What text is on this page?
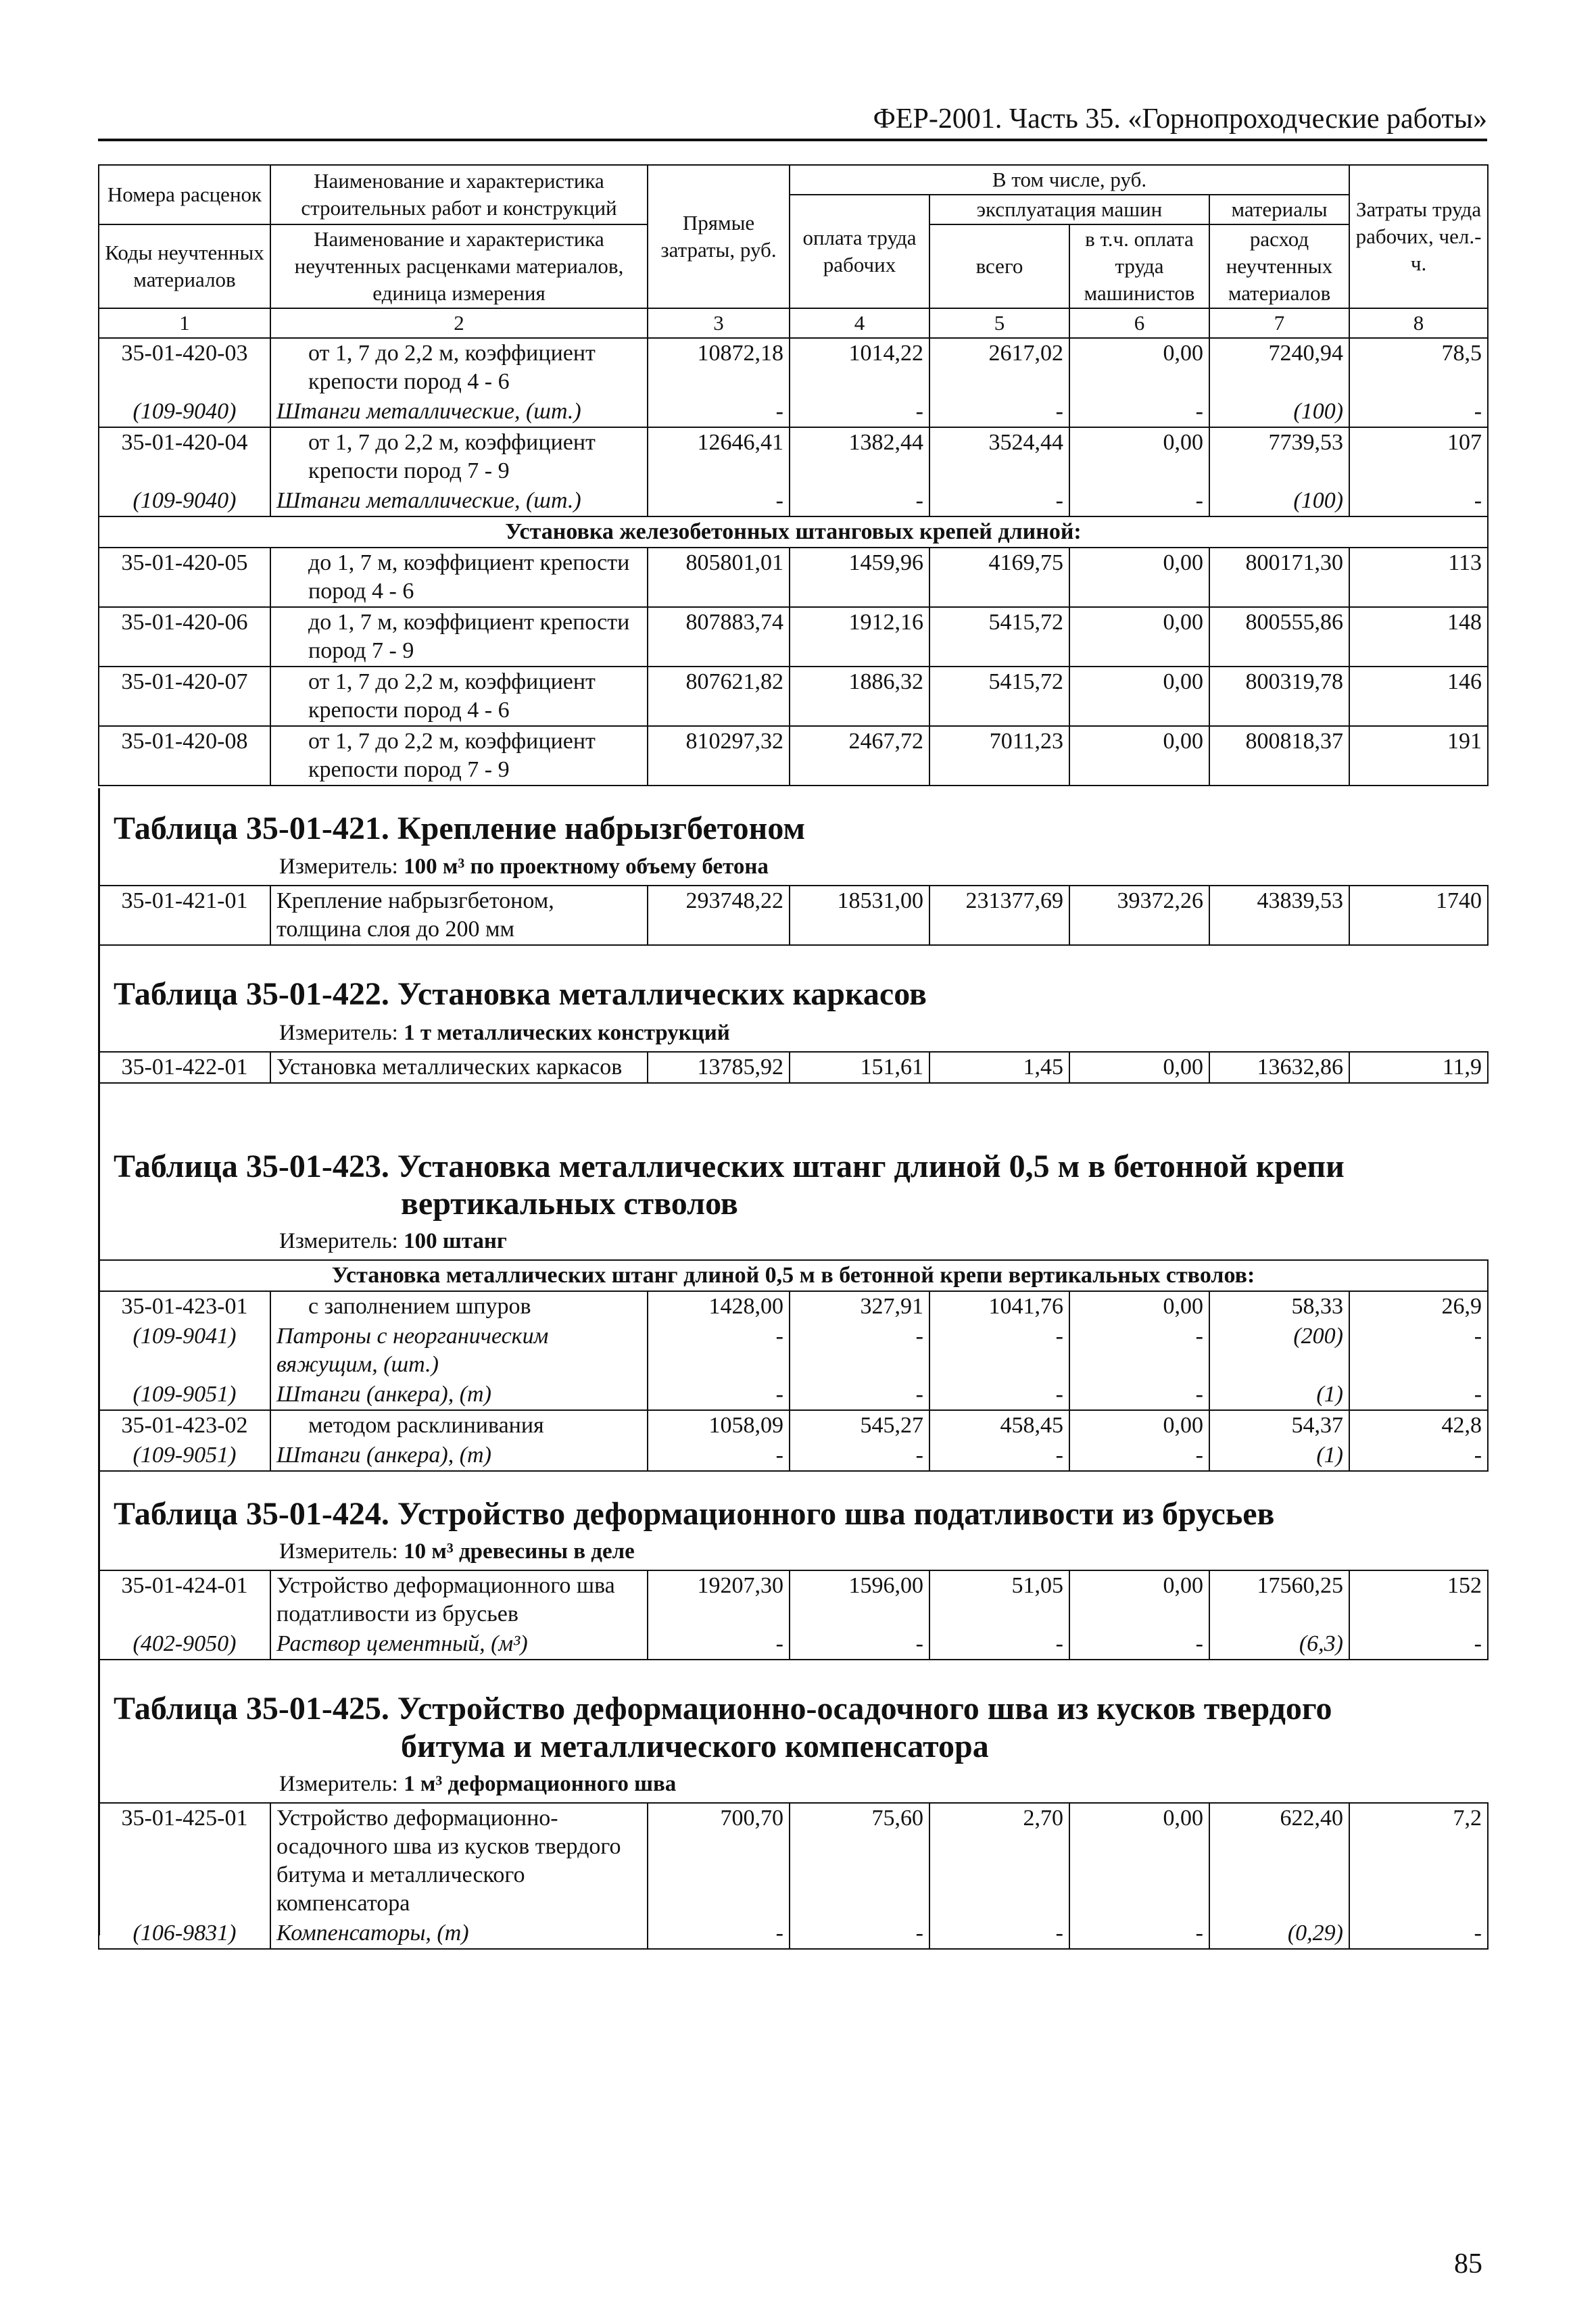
ФЕР-2001. Часть 35. «Горнопроходческие работы»
Номера расценок	Наименование и характеристика строительных работ и конструкций	Прямые затраты, руб.	В том числе, руб.				Затраты труда рабочих, чел.-ч.
			оплата труда рабочих	эксплуатация машин		материалы	
Коды неучтенных материалов	Наименование и характеристика неучтенных расценками материалов, единица измерения			всего	в т.ч. оплата труда машинистов	расход неучтенных материалов	

1	2	3	4	5	6	7	8
35-01-420-03	от 1, 7 до 2,2 м, коэффициент крепости пород 4 - 6	10872,18	1014,22	2617,02	0,00	7240,94	78,5
(109-9040)	Штанги металлические, (шт.)	-	-	-	-	(100)	-
35-01-420-04	от 1, 7 до 2,2 м, коэффициент крепости пород 7 - 9	12646,41	1382,44	3524,44	0,00	7739,53	107
(109-9040)	Штанги металлические, (шт.)	-	-	-	-	(100)	-
Установка железобетонных штанговых крепей длиной:							
35-01-420-05	до 1, 7 м, коэффициент крепости пород 4 - 6	805801,01	1459,96	4169,75	0,00	800171,30	113
35-01-420-06	до 1, 7 м, коэффициент крепости пород 7 - 9	807883,74	1912,16	5415,72	0,00	800555,86	148
35-01-420-07	от 1, 7 до 2,2 м, коэффициент крепости пород 4 - 6	807621,82	1886,32	5415,72	0,00	800319,78	146
35-01-420-08	от 1, 7 до 2,2 м, коэффициент крепости пород 7 - 9	810297,32	2467,72	7011,23	0,00	800818,37	191
Таблица 35-01-421. Крепление набрызгбетоном
Измеритель: 100 м³ по проектному объему бетона
35-01-421-01	Крепление набрызгбетоном, толщина слоя до 200 мм	293748,22	18531,00	231377,69	39372,26	43839,53	1740
Таблица 35-01-422. Установка металлических каркасов
Измеритель: 1 т металлических конструкций
35-01-422-01	Установка металлических каркасов	13785,92	151,61	1,45	0,00	13632,86	11,9
Таблица 35-01-423. Установка металлических штанг длиной 0,5 м в бетонной крепи
вертикальных стволов
Измеритель: 100 штанг
Установка металлических штанг длиной 0,5 м в бетонной крепи вертикальных стволов:							
35-01-423-01	с заполнением шпуров	1428,00	327,91	1041,76	0,00	58,33	26,9
(109-9041)	Патроны с неорганическим вяжущим, (шт.)	-	-	-	-	(200)	-
(109-9051)	Штанги (анкера), (т)	-	-	-	-	(1)	-
35-01-423-02	методом расклинивания	1058,09	545,27	458,45	0,00	54,37	42,8
(109-9051)	Штанги (анкера), (т)	-	-	-	-	(1)	-
Таблица 35-01-424. Устройство деформационного шва податливости из брусьев
Измеритель: 10 м³ древесины в деле
35-01-424-01	Устройство деформационного шва податливости из брусьев	19207,30	1596,00	51,05	0,00	17560,25	152
(402-9050)	Раствор цементный, (м³)	-	-	-	-	(6,3)	-
Таблица 35-01-425. Устройство деформационно-осадочного шва из кусков твердого
битума и металлического компенсатора
Измеритель: 1 м³ деформационного шва
35-01-425-01	Устройство деформационно-осадочного шва из кусков твердого битума и металлического компенсатора	700,70	75,60	2,70	0,00	622,40	7,2
(106-9831)	Компенсаторы, (т)	-	-	-	-	(0,29)	-
85
